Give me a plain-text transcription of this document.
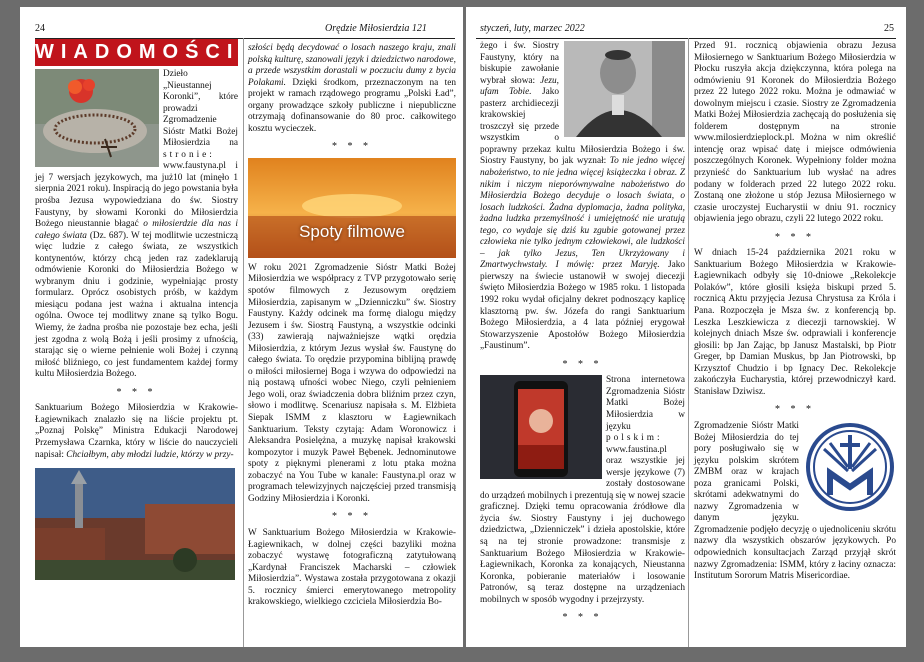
24	Orędzie Miłosierdzia 121
WIADOMOŚCI

Dzieło „Nieustannej Koronki”, które prowadzi Zgromadzenie Sióstr Matki Bożej Miłosierdzia na stronie: www.faustyna.pl i jej 7 wersjach językowych, ma już10 lat (minęło 1 sierpnia 2021 roku). Inspiracją do jego powstania była prośba Jezusa wypowiedziana do św. Siostry Faustyny, by słowami Koronki do Miłosierdzia Bożego nieustannie błagać o miłosierdzie dla nas i całego świata (Dz. 687). W tej modlitwie uczestniczą więc ludzie z całego świata, ze wszystkich kontynentów, którzy chcą jeden raz zadeklarują odmówienie Koronki do Miłosierdzia Bożego w wybranym dniu i godzinie, wypełniając prosty formularz. Oprócz osobistych próśb, w każdym miesiącu podana jest ważna i aktualna intencja ogólna. Owoce tej modlitwy znane są tylko Bogu. Wiemy, że żadna prośba nie pozostaje bez echa, jeśli jest zgodna z wolą Bożą i jeśli prosimy z ufnością, starając się o wierne pełnienie woli Bożej i czynną miłość bliźniego, co jest fundamentem każdej formy kultu Miłosierdzia Bożego.

* * *

Sanktuarium Bożego Miłosierdzia w Krakowie-Łagiewnikach znalazło się na liście projektu pt. „Poznaj Polskę” Ministra Edukacji Narodowej Przemysława Czarnka, który w liście do nauczycieli napisał: Chciałbym, aby młodzi ludzie, którzy w przy-

szłości będą decydować o losach naszego kraju, znali polską kulturę, szanowali język i dziedzictwo narodowe, a przede wszystkim dorastali w poczuciu dumy z bycia Polakami. Dzięki środkom, przeznaczonym na ten projekt w ramach rządowego programu „Polski Ład”, organy prowadzące szkoły publiczne i niepubliczne otrzymają dofinansowanie do 80 proc. całkowitego kosztu wycieczek.

* * *
Spoty filmowe

W roku 2021 Zgromadzenie Sióstr Matki Bożej Miłosierdzia we współpracy z TVP przygotowało serię spotów filmowych z Jezusowym orędziem Miłosierdzia, zapisanym w „Dzienniczku” św. Siostry Faustyny. Każdy odcinek ma formę dialogu między Jezusem i św. Siostrą Faustyną, a wszystkie odcinki (33) zawierają najważniejsze wątki orędzia Miłosierdzia, z którym Jezus wysłał św. Faustynę do całego świata. To orędzie przypomina biblijną prawdę o miłości miłosiernej Boga i wzywa do odpowiedzi na nią postawą ufności wobec Niego, czyli pełnieniem Jego woli, oraz świadczenia dobra bliźnim przez czyn, słowo i modlitwę. Scenariusz napisała s. M. Elżbieta Siepak ISMM z klasztoru w Łagiewnikach Sanktuarium. Teksty czytają: Adam Woronowicz i Aleksandra Posielężna, a muzykę napisał krakowski kompozytor i muzyk Paweł Bębenek. Jednominutowe spoty z pięknymi pleneramі z lotu ptaka można zobaczyć na You Tube w kanale: Faustyna.pl oraz w programach telewizyjnych najczęściej przed transmisją Godziny Miłosierdzia i Koronki.

* * *

W Sanktuarium Bożego Miłosierdzia w Krakowie-Łagiewnikach, w dolnej części bazyliki można zobaczyć wystawę fotograficzną zatytułowaną „Kardynał Franciszek Macharski – człowiek Miłosierdzia”. Wystawa została przygotowana z okazji 5. rocznicy śmierci emerytowanego metropolity krakowskiego, wielkiego czciciela Miłosierdzia Bo-

styczeń, luty, marzec 2022	25

żego i św. Siostry Faustyny, który na biskupie zawołanie wybrał słowa: Jezu, ufam Tobie. Jako pasterz archidiecezji krakowskiej troszczył się przede wszystkim o poprawny przekaz kultu Miłosierdzia Bożego i św. Siostry Faustyny, bo jak wyznał: To nie jedno więcej nabożeństwo, to nie jedna więcej książeczka i obraz. Z nikim i niczym nieporównywalne nabożeństwo do Miłosierdzia Bożego decyduje o losach świata, o losach ludzkości. Żadna dyplomacja, żadna polityka, żadna ludzka przemyślność i umiejętność nie uratują tego, co wydaje się dziś ku zgubie gotowanej przez człowieka nie tylko jednym człowiekowi, ale ludzkości – jak tylko Jezus, Ten Ukrzyżowany i Zmartwychwstały. I mówię: przez Maryję. Jako pierwszy na świecie ustanowił w swojej diecezji święto Miłosierdzia Bożego w 1985 roku. 1 listopada 1992 roku wydał oficjalny dekret podnoszący kaplicę klasztorną pw. św. Józefa do rangi Sanktuarium Bożego Miłosierdzia, a 4 lata później erygował Stowarzyszenie Apostołów Bożego Miłosierdzia „Faustinum”.

* * *

Strona internetowa Zgromadzenia Sióstr Matki Bożej Miłosierdzia w języku polskim: www.faustina.pl oraz wszystkie jej wersje językowe (7) zostały dostosowane do urządzeń mobilnych i prezentują się w nowej szacie graficznej. Dzięki temu opracowania źródłowe dla życia św. Siostry Faustyny i jej duchowego dziedzictwa, „Dzienniczek” i dzieła apostolskie, które są na tej stronie prowadzone: transmisje z Sanktuarium Bożego Miłosierdzia w Krakowie-Łagiewnikach, Koronka za konających, Nieustanna Koronka, pobieranie materiałów i losowanie Patronów, są teraz dostępne na urządzeniach mobilnych w sposób wygodny i przejrzysty.

* * *

Przed 91. rocznicą objawienia obrazu Jezusa Miłosiernego w Sanktuarium Bożego Miłosierdzia w Płocku ruszyła akcja dziękczynna, która polega na odmówieniu 91 Koronek do Miłosierdzia Bożego przez 22 lutego 2022 roku. Można je odmawiać w dowolnym miejscu i czasie. Siostry ze Zgromadzenia Matki Bożej Miłosierdzia zachęcają do posłużenia się folderem dostępnym na stronie www.milosierdzieplock.pl. Można w nim określić intencję oraz wpisać datę i miejsce odmówienia poszczególnych Koronek. Wypełniony folder można przynieść do Sanktuarium lub wysłać na adres podany w folderach przed 22 lutego 2022 roku. Zostaną one złożone u stóp Jezusa Miłosiernego w czasie uroczystej Eucharystii w dniu 91. rocznicy objawienia jego obrazu, czyli 22 lutego 2022 roku.

* * *

W dniach 15-24 października 2021 roku w Sanktuarium Bożego Miłosierdzia w Krakowie-Łagiewnikach odbyły się 10-dniowe „Rekolekcje Polaków”, które głosili księża biskupi przed 5. rocznicą Aktu przyjęcia Jezusa Chrystusa za Króla i Pana. Rozpoczęła je Msza św. z konferencją bp. Leszka Leszkiewicza z diecezji tarnowskiej. W kolejnych dniach Msze św. odprawiali i konferencje głosili: bp Jan Zając, bp Janusz Mastalski, bp Piotr Greger, bp Damian Muskus, bp Jan Piotrowski, bp Krzysztof Chudzio i bp Ignacy Dec. Rekolekcje zakończyła Eucharystia, której przewodniczył kard. Stanisław Dziwisz.

* * *

Zgromadzenie Sióstr Matki Bożej Miłosierdzia do tej pory posługiwało się w języku polskim skrótem ZMBM oraz w krajach poza granicami Polski, skrótami adekwatnymi do nazwy Zgromadzenia w danym języku. Zgromadzenie podjęło decyzję o ujednoliceniu skrótu nazwy dla wszystkich obszarów językowych. Po odpowiednich konsultacjach Zarząd przyjął skrót nazwy Zgromadzenia: ISMM, który z łaciny oznacza: Institutum Sororum Matris Misericordiae.
